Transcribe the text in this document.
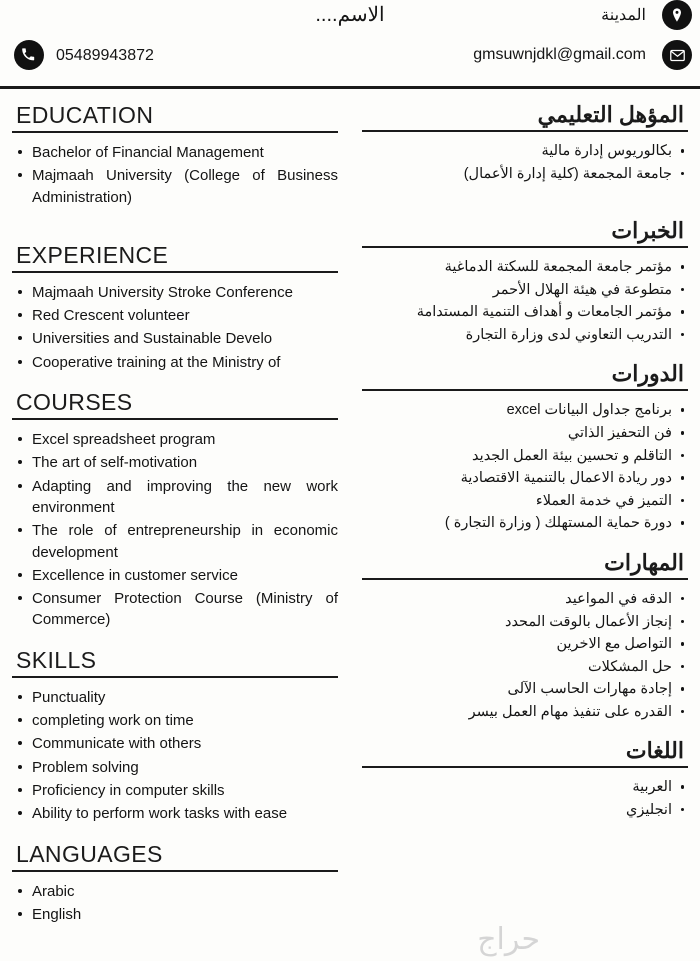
الاسم....	المدينة
gmsuwnjdkl@gmail.com
05489943872
EDUCATION
Bachelor of Financial Management
Majmaah University (College of Business Administration)
EXPERIENCE
Majmaah University Stroke Conference
Red Crescent volunteer
Universities and Sustainable Develo
Cooperative training at the Ministry of
COURSES
Excel spreadsheet program
The art of self-motivation
Adapting and improving the new work environment
The role of entrepreneurship in economic development
Excellence in customer service
Consumer Protection Course (Ministry of Commerce)
SKILLS
Punctuality
completing work on time
Communicate with others
Problem solving
Proficiency in computer skills
Ability to perform work tasks with ease
LANGUAGES
Arabic
English
المؤهل التعليمي
بكالوريوس إدارة مالية
جامعة المجمعة (كلية إدارة الأعمال)
الخبرات
مؤتمر جامعة المجمعة للسكتة الدماغية
متطوعة في هيئة الهلال الأحمر
مؤتمر الجامعات و أهداف التنمية المستدامة
التدريب التعاوني لدى وزارة التجارة
الدورات
برنامج جداول البيانات excel
فن التحفيز الذاتي
التاقلم و تحسين بيئة العمل الجديد
دور ريادة الاعمال بالتنمية الاقتصادية
التميز في خدمة العملاء
دورة حماية المستهلك ( وزارة التجارة )
المهارات
الدقه في المواعيد
إنجاز الأعمال بالوقت المحدد
التواصل مع الاخرين
حل المشكلات
إجادة مهارات الحاسب الآلى
القدره على تنفيذ مهام العمل بيسر
اللغات
العربية
انجليزي
حراج
